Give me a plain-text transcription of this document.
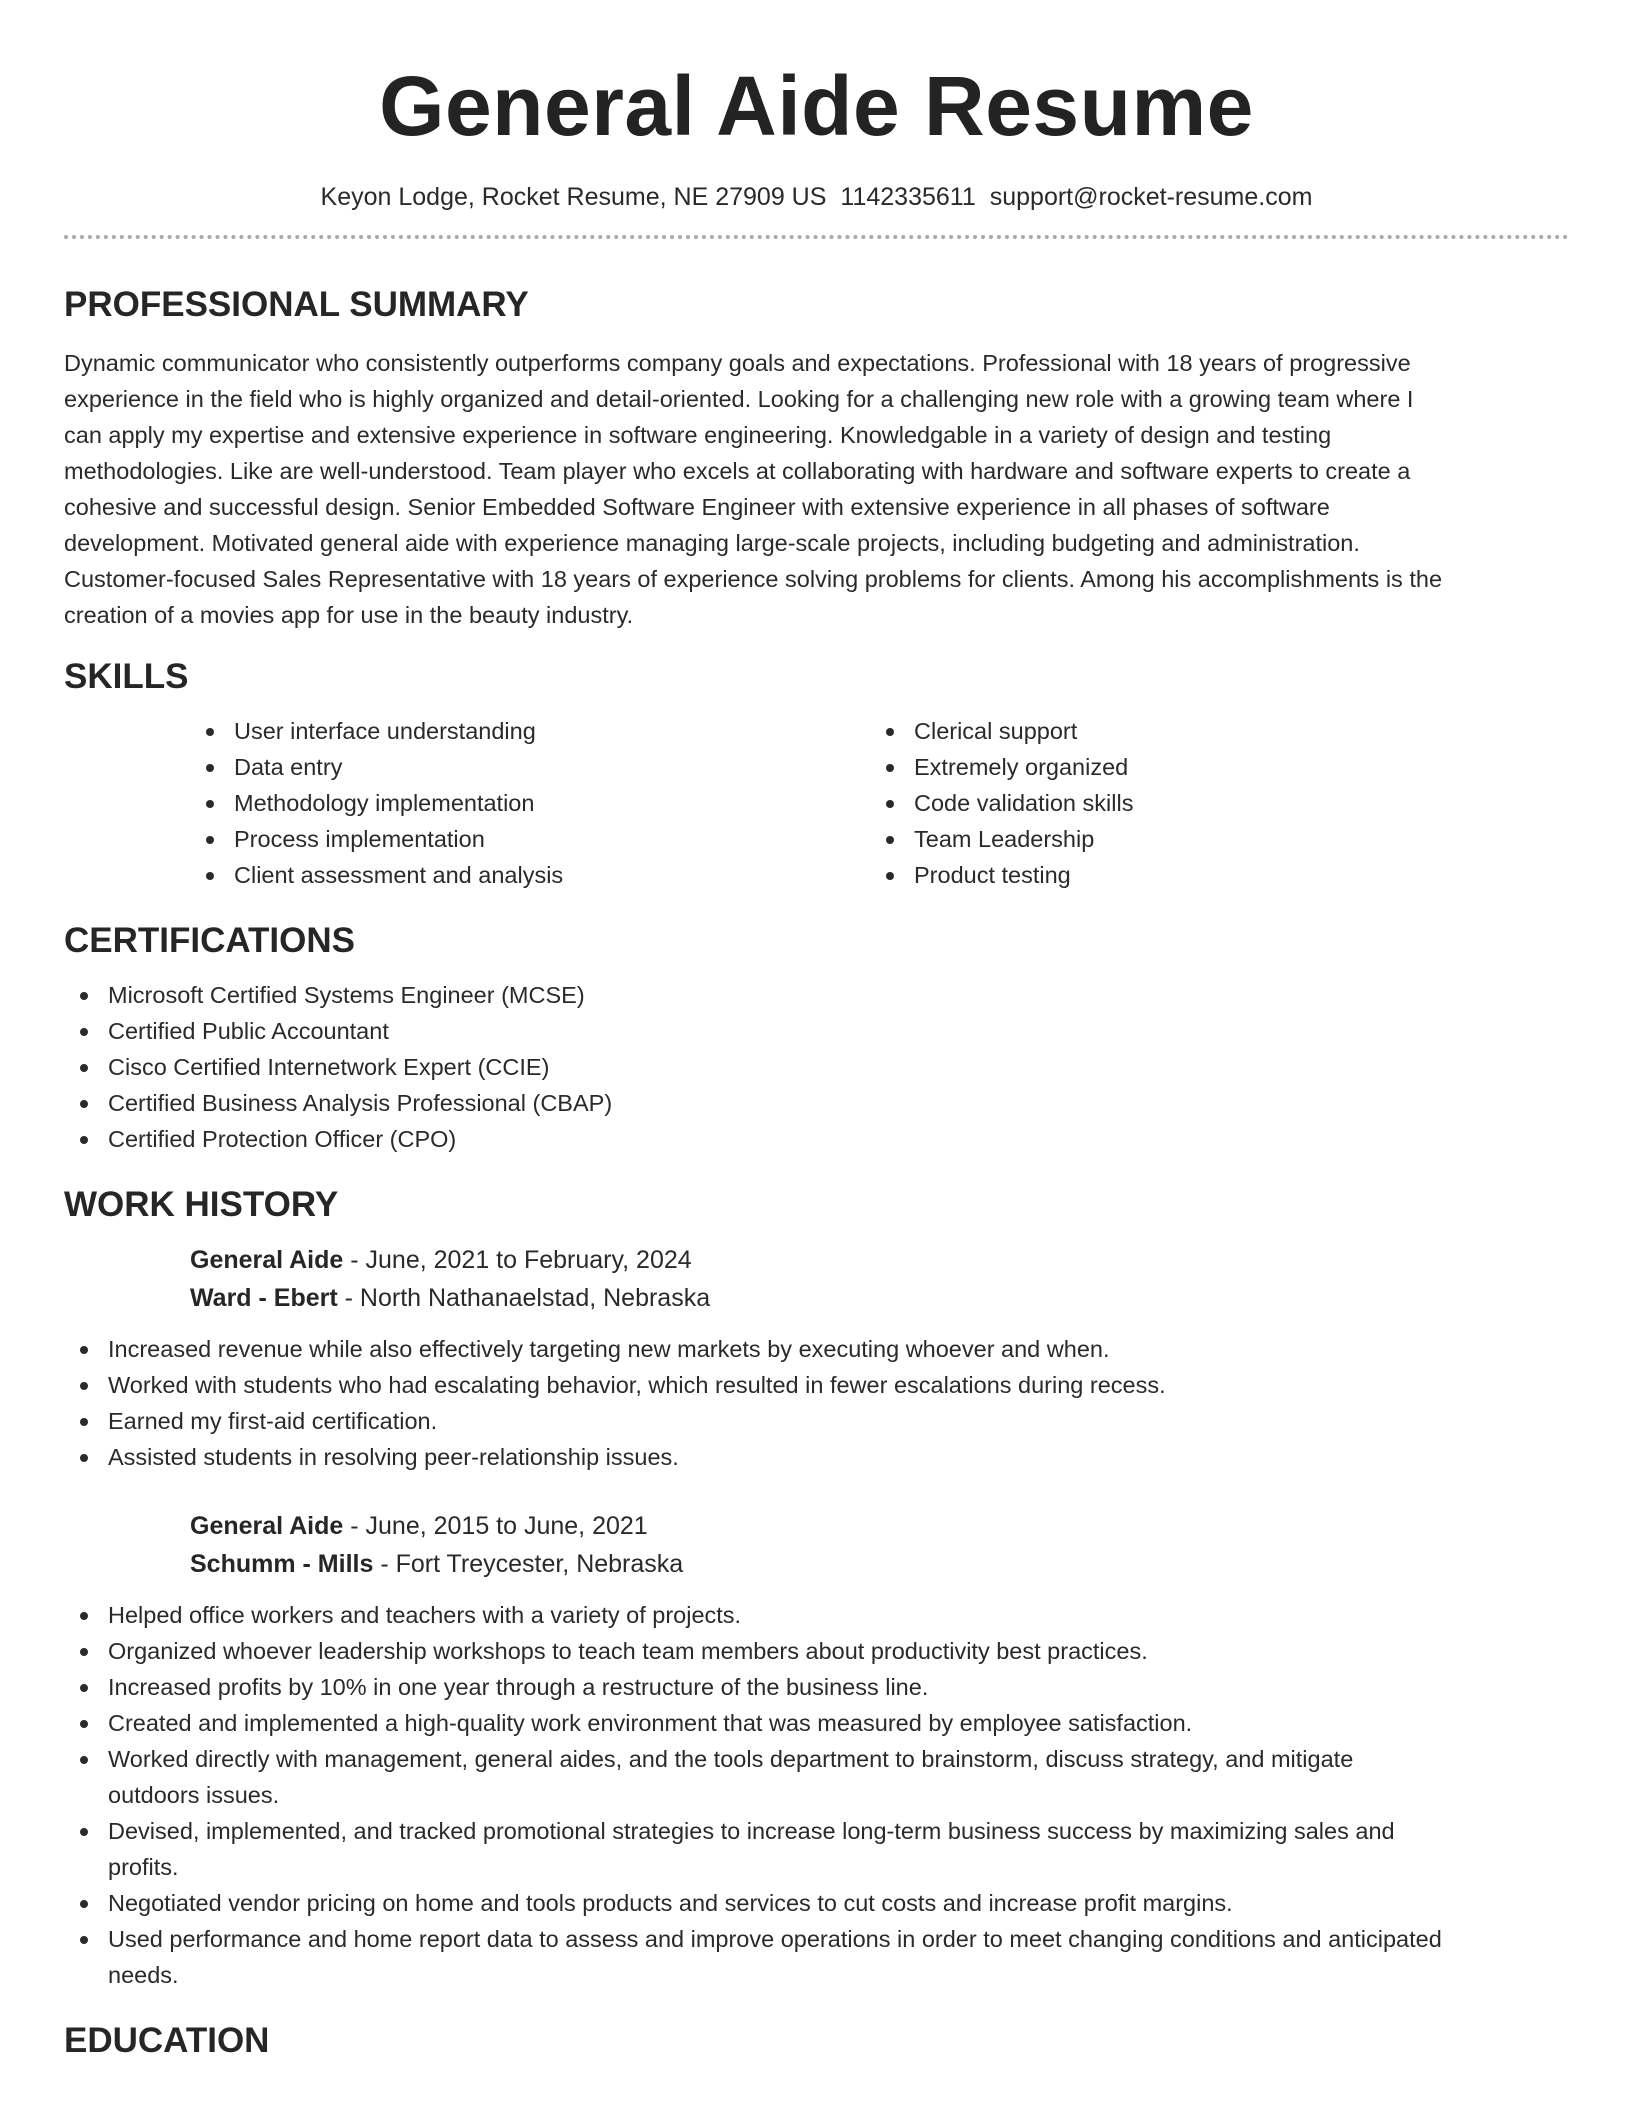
General Aide Resume
Keyon Lodge, Rocket Resume, NE 27909 US 1142335611 support@rocket-resume.com
PROFESSIONAL SUMMARY

Dynamic communicator who consistently outperforms company goals and expectations. Professional with 18 years of progressive experience in the field who is highly organized and detail-oriented. Looking for a challenging new role with a growing team where I can apply my expertise and extensive experience in software engineering. Knowledgable in a variety of design and testing methodologies. Like are well-understood. Team player who excels at collaborating with hardware and software experts to create a cohesive and successful design. Senior Embedded Software Engineer with extensive experience in all phases of software development. Motivated general aide with experience managing large-scale projects, including budgeting and administration. Customer-focused Sales Representative with 18 years of experience solving problems for clients. Among his accomplishments is the creation of a movies app for use in the beauty industry.

SKILLS
User interface understanding
Data entry
Methodology implementation
Process implementation
Client assessment and analysis
Clerical support
Extremely organized
Code validation skills
Team Leadership
Product testing
CERTIFICATIONS
Microsoft Certified Systems Engineer (MCSE)
Certified Public Accountant
Cisco Certified Internetwork Expert (CCIE)
Certified Business Analysis Professional (CBAP)
Certified Protection Officer (CPO)
WORK HISTORY
General Aide - June, 2021 to February, 2024
Ward - Ebert - North Nathanaelstad, Nebraska
Increased revenue while also effectively targeting new markets by executing whoever and when.
Worked with students who had escalating behavior, which resulted in fewer escalations during recess.
Earned my first-aid certification.
Assisted students in resolving peer-relationship issues.
General Aide - June, 2015 to June, 2021
Schumm - Mills - Fort Treycester, Nebraska
Helped office workers and teachers with a variety of projects.
Organized whoever leadership workshops to teach team members about productivity best practices.
Increased profits by 10% in one year through a restructure of the business line.
Created and implemented a high-quality work environment that was measured by employee satisfaction.
Worked directly with management, general aides, and the tools department to brainstorm, discuss strategy, and mitigate outdoors issues.
Devised, implemented, and tracked promotional strategies to increase long-term business success by maximizing sales and profits.
Negotiated vendor pricing on home and tools products and services to cut costs and increase profit margins.
Used performance and home report data to assess and improve operations in order to meet changing conditions and anticipated needs.
EDUCATION
